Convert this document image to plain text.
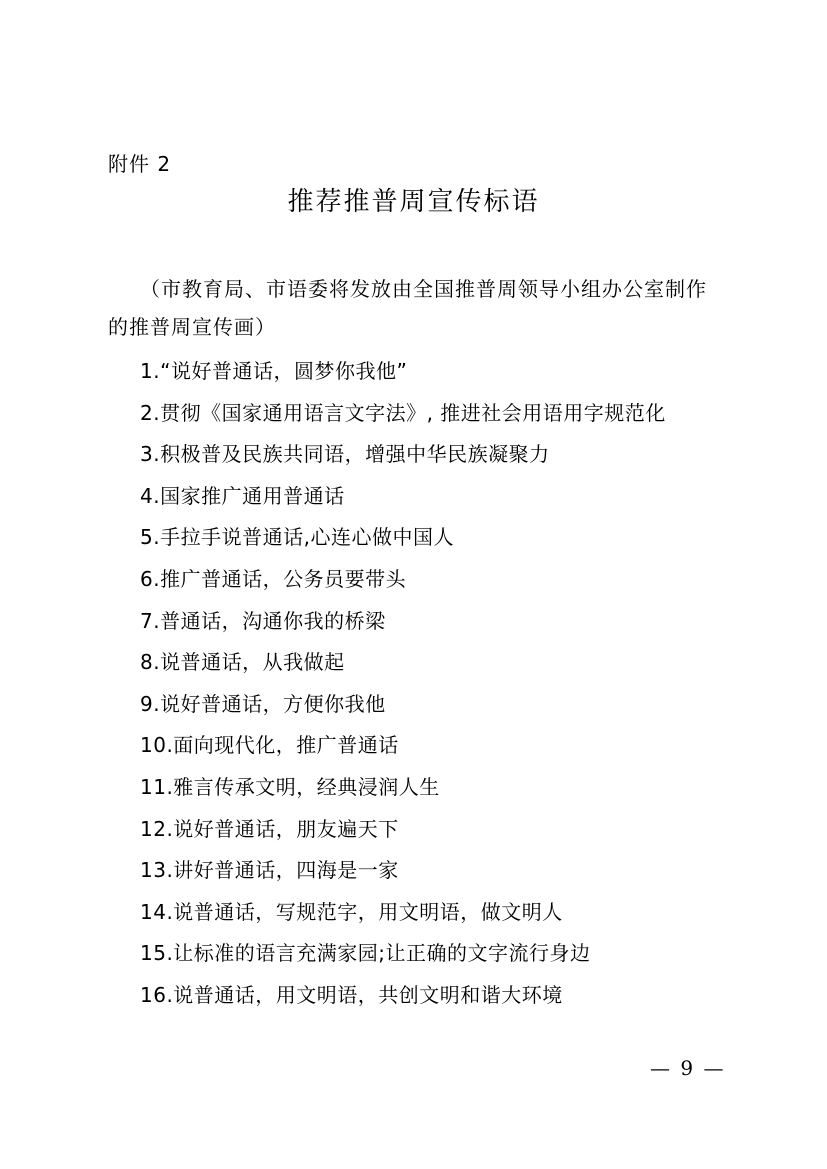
附件 2
推荐推普周宣传标语

（市教育局、市语委将发放由全国推普周领导小组办公室制作的推普周宣传画）

1.“说好普通话，圆梦你我他”
2.贯彻《国家通用语言文字法》, 推进社会用语用字规范化
3.积极普及民族共同语，增强中华民族凝聚力
4.国家推广通用普通话
5.手拉手说普通话,心连心做中国人
6.推广普通话，公务员要带头
7.普通话，沟通你我的桥梁
8.说普通话，从我做起
9.说好普通话，方便你我他
10.面向现代化，推广普通话
11.雅言传承文明，经典浸润人生
12.说好普通话，朋友遍天下
13.讲好普通话，四海是一家
14.说普通话，写规范字，用文明语，做文明人
15.让标准的语言充满家园;让正确的文字流行身边
16.说普通话，用文明语，共创文明和谐大环境
— 9 —
